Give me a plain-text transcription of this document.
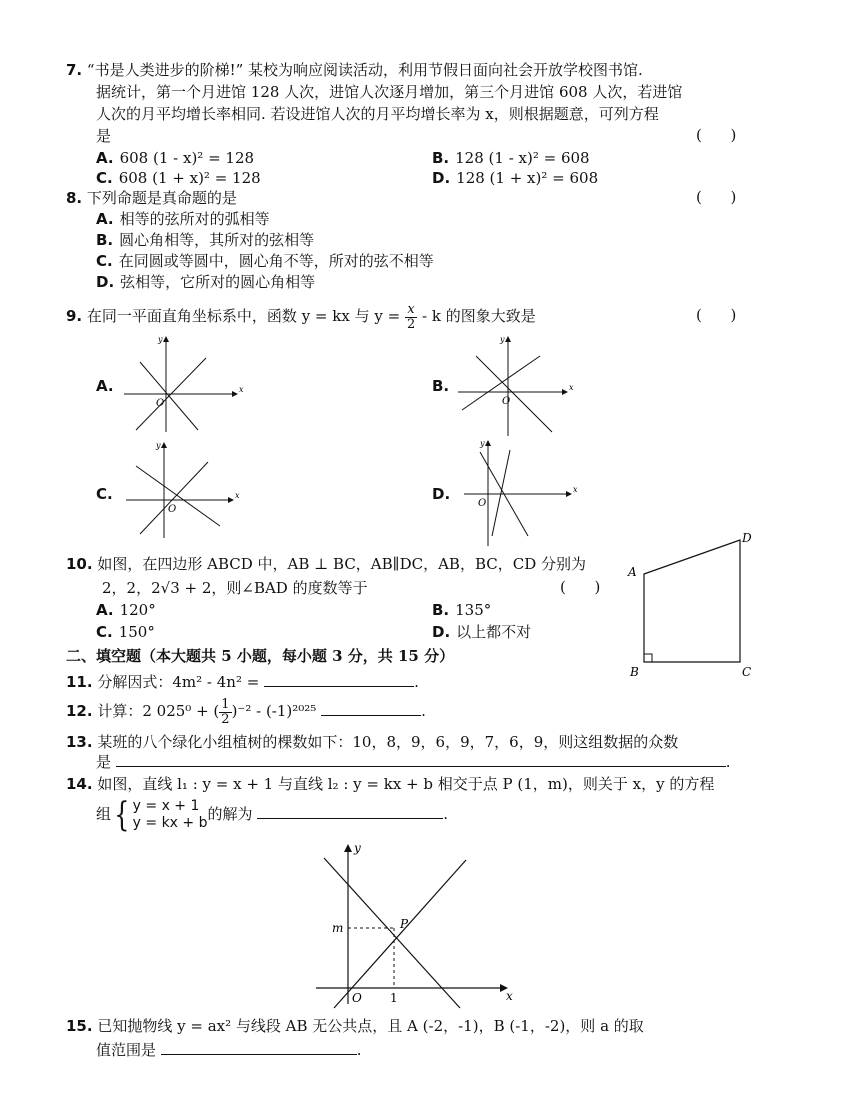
7. “书是人类进步的阶梯!” 某校为响应阅读活动，利用节假日面向社会开放学校图书馆.
据统计，第一个月进馆 128 人次，进馆人次逐月增加，第三个月进馆 608 人次，若进馆
人次的月平均增长率相同. 若设进馆人次的月平均增长率为 x，则根据题意，可列方程
是	(      )
A. 608 (1 - x)² = 128	B. 128 (1 - x)² = 608
C. 608 (1 + x)² = 128	D. 128 (1 + x)² = 608
8. 下列命题是真命题的是	(      )
A. 相等的弦所对的弧相等
B. 圆心角相等，其所对的弦相等
C. 在同圆或等圆中，圆心角不等，所对的弦不相等
D. 弦相等，它所对的圆心角相等
9. 在同一平面直角坐标系中，函数 y = kx 与 $y = \frac{x}{2} - k$ 的图象大致是	(      )
A.
O
x
y
B.
O
x
y
C.
O
x
y
D.
O
x
y
10. 如图，在四边形 ABCD 中，AB ⊥ BC，AB∥DC，AB，BC，CD 分别为
2，2，2√3 + 2，则∠BAD 的度数等于	(      )
A. 120°	B. 135°
C. 150°	D. 以上都不对
A
D
B	C
二、填空题（本大题共 5 小题，每小题 3 分，共 15 分）
11. 分解因式：4m² - 4n² =	.
12. 计算：2 025⁰ + ( $\frac{1}{2} )^{-2} - (-1)^{2025}$	.
13. 某班的八个绿化小组植树的棵数如下：10，8，9，6，9，7，6，9，则这组数据的众数
是	.
14. 如图，直线 l₁ : y = x + 1 与直线 l₂ : y = kx + b 相交于点 P (1，m)，则关于 x，y 的方程
组{ y = x + 1
y = kx + b 的解为	.
m	P
O 1	x
y
15. 已知抛物线 y = ax² 与线段 AB 无公共点，且 A (-2，-1)，B (-1，-2)，则 a 的取
值范围是	.
